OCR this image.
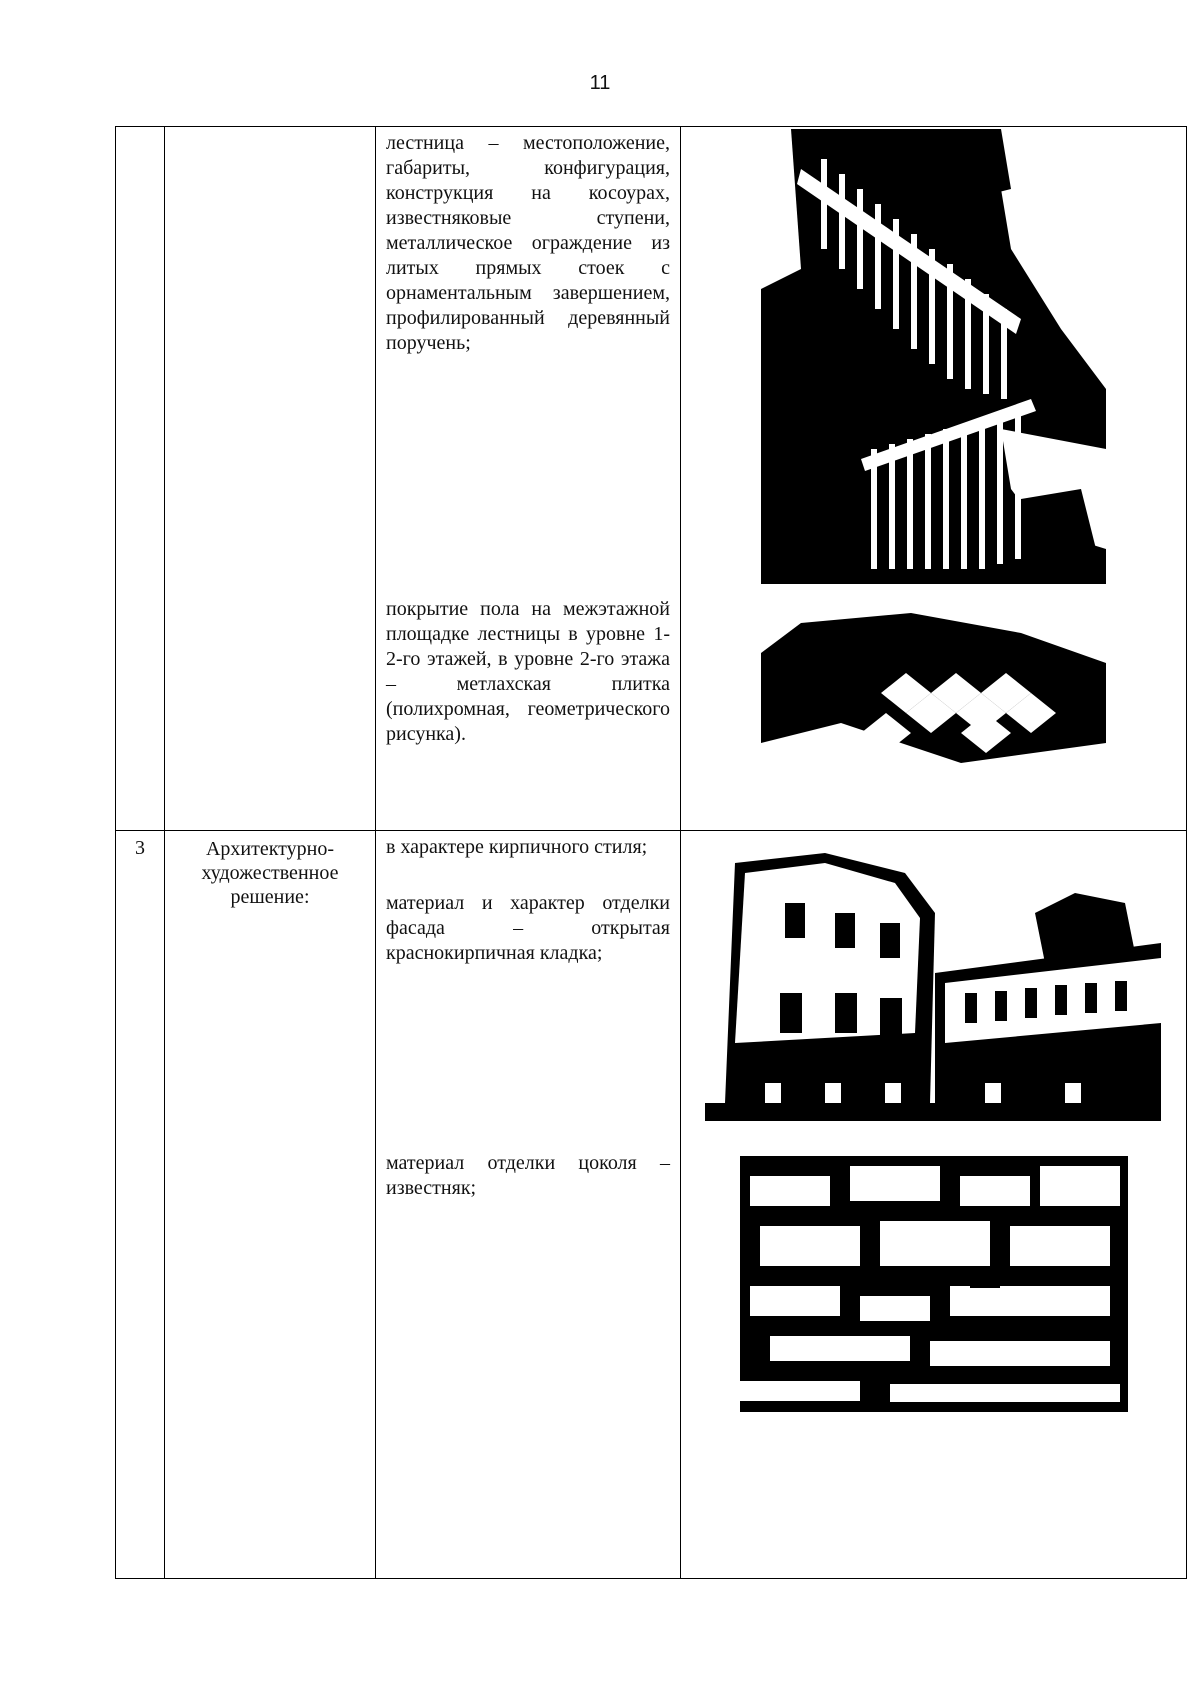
11

		лестница – местоположение, габариты, конфигурация, конструкция на косоурах, известняковые ступени, металлическое ограждение из литых прямых стоек с орнаментальным завершением, профилированный деревянный поручень;

покрытие пола на межэтажной площадке лестницы в уровне 1-2-го этажей, в уровне 2-го этажа – метлахская плитка (полихромная, геометрического рисунка).

3	Архитектурно-художественное решение:	в характере кирпичного стиля;

материал и характер отделки фасада – открытая краснокирпичная кладка;

материал отделки цоколя – известняк;
